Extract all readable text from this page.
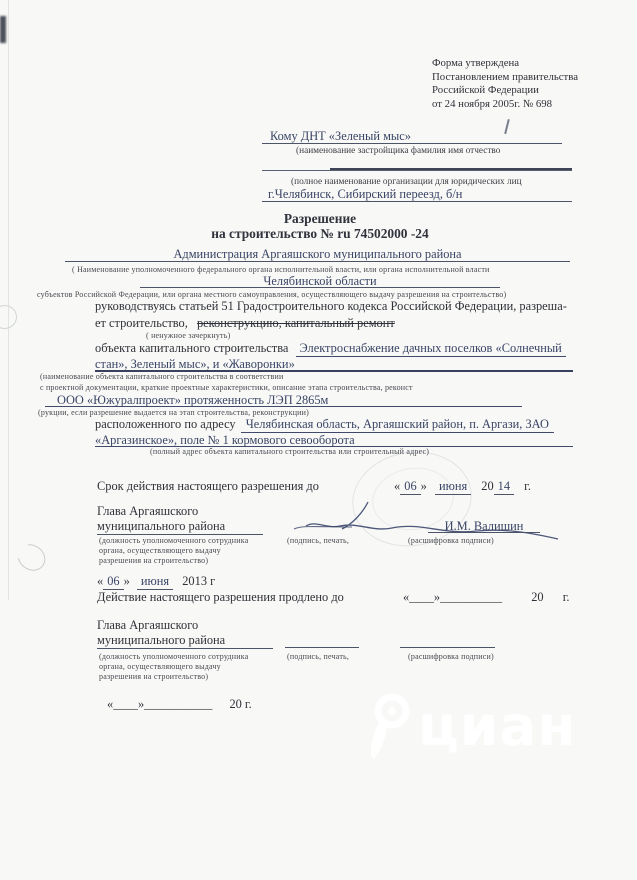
Форма утверждена
Постановлением правительства
Российской Федерации
от 24 ноября 2005г. № 698
Кому ДНТ «Зеленый мыс»
(наименование застройщика фамилия имя отчество
(полное наименование организации для юридических лиц
г.Челябинск, Сибирский переезд, б/н
Разрешение
на строительство № ru 74502000 -24
Администрация Аргаяшского муниципального района
( Наименование уполномоченного федерального органа исполнительной власти, или органа исполнительной власти
Челябинской области
субъектов Российской Федерации, или органа местного самоуправления, осуществляющего выдачу разрешения на строительство)
руководствуясь статьей 51 Градостроительного кодекса Российской Федерации, разреша-
ет строительство, реконструкцию, капитальный ремонт
( ненужное зачеркнуть)
объекта капитального строительства Электроснабжение дачных поселков «Солнечный
стан», Зеленый мыс», и «Жаворонки»
(наименование объекта капитального строительства в соответствии
с проектной документации, краткие проектные характеристики, описание этапа строительства, реконст
ООО «Южуралпроект» протяженность ЛЭП 2865м
(рукции, если разрешение выдается на этап строительства, реконструкции)
расположенного по адресу Челябинская область, Аргаяшский район, п. Аргази, ЗАО
«Аргазинское», поле № 1 кормового севооборота
(полный адрес объекта капитального строительства или строительный адрес)
Срок действия настоящего разрешения до	« 06 » июня 20 14 г.
Глава Аргаяшского
муниципального района	И.М. Валишин
(должность уполномоченного сотрудника	(подпись, печать,	(расшифровка подписи)
органа, осуществляющего выдачу
разрешения на строительство)
« 06 » июня 2013 г
Действие настоящего разрешения продлено до	«____»__________ 20 г.
Глава Аргаяшского
муниципального района
(должность уполномоченного сотрудника	(подпись, печать,	(расшифровка подписи)
органа, осуществляющего выдачу
разрешения на строительство)
«____»___________ 20 г.	циан
